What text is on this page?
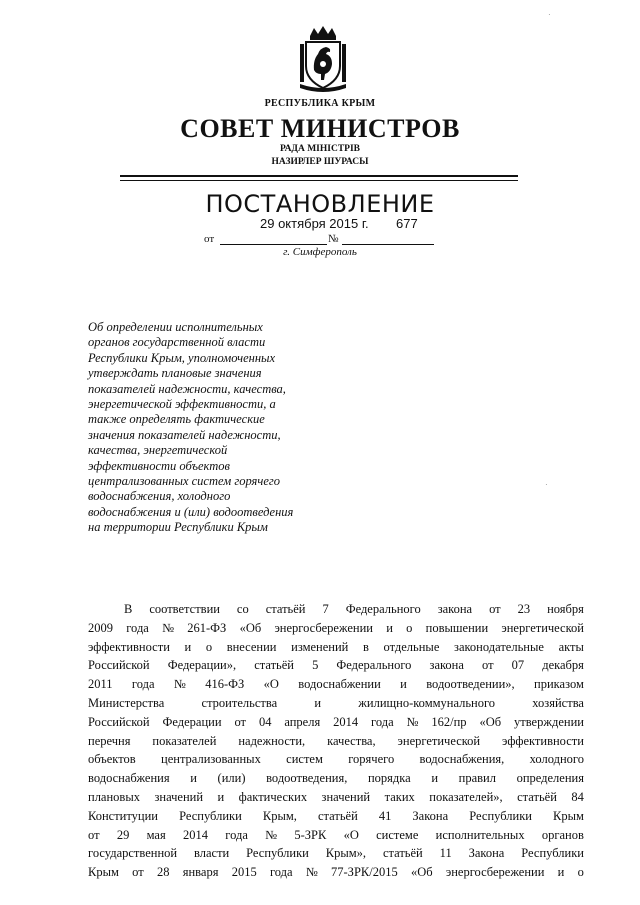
РЕСПУБЛИКА КРЫМ
СОВЕТ МИНИСТРОВ
РАДА МІНІСТРІВ
НАЗИРЛЕР ШУРАСЫ
ПОСТАНОВЛЕНИЕ
29 октября 2015 г. 677
от	№
г. Симферополь
Об определении исполнительных
органов государственной власти
Республики Крым, уполномоченных
утверждать плановые значения
показателей надежности, качества,
энергетической эффективности, а
также определять фактические
значения показателей надежности,
качества, энергетической
эффективности объектов
централизованных систем горячего
водоснабжения, холодного
водоснабжения и (или) водоотведения
на территории Республики Крым
В соответствии со статьёй 7 Федерального закона от 23 ноября
2009 года № 261-ФЗ «Об энергосбережении и о повышении энергетической
эффективности и о внесении изменений в отдельные законодательные акты
Российской Федерации», статьёй 5 Федерального закона от 07 декабря
2011 года № 416-ФЗ «О водоснабжении и водоотведении», приказом
Министерства	строительства	и	жилищно-коммунального	хозяйства
Российской Федерации от 04 апреля 2014 года № 162/пр «Об утверждении
перечня показателей надежности, качества, энергетической эффективности
объектов централизованных систем горячего водоснабжения, холодного
водоснабжения и (или) водоотведения, порядка и правил определения
плановых значений и фактических значений таких показателей», статьёй 84
Конституции Республики Крым, статьёй 41 Закона Республики Крым
от 29 мая 2014 года № 5-ЗРК «О системе исполнительных органов
государственной власти Республики Крым», статьёй 11 Закона Республики
Крым от 28 января 2015 года № 77-ЗРК/2015 «Об энергосбережении и о
·
·
